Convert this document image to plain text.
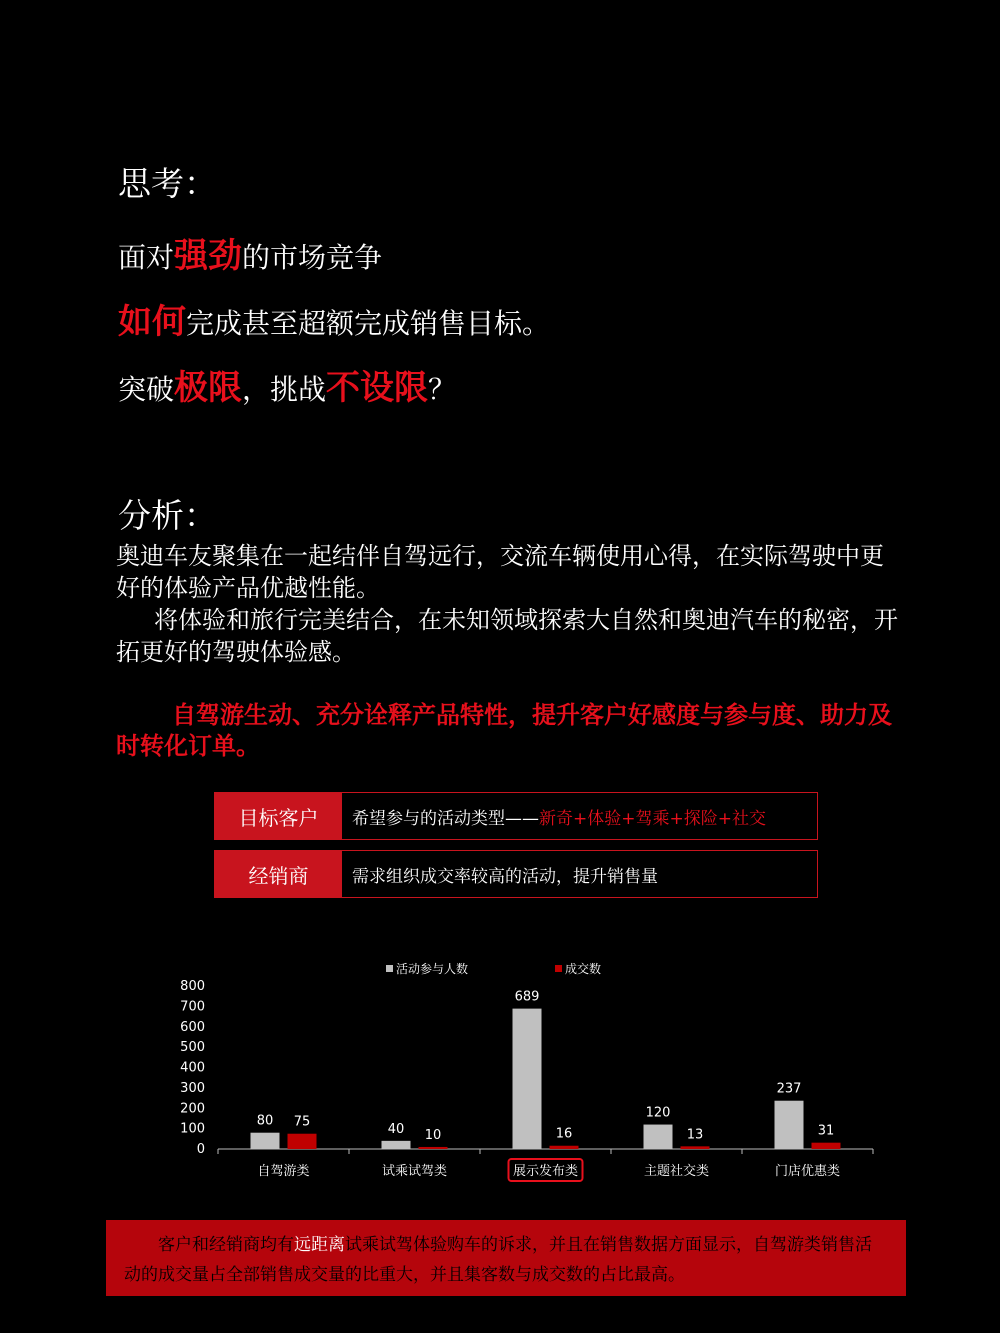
思考：
面对强劲的市场竞争
如何完成甚至超额完成销售目标。
突破极限，挑战不设限？
分析：
奥迪车友聚集在一起结伴自驾远行，交流车辆使用心得，在实际驾驶中更好的体验产品优越性能。
将体验和旅行完美结合，在未知领域探索大自然和奥迪汽车的秘密，开拓更好的驾驶体验感。
自驾游生动、充分诠释产品特性，提升客户好感度与参与度、助力及时转化订单。
目标客户	希望参与的活动类型—— 新奇+体验+驾乘+探险+社交
经销商	需求组织成交率较高的活动，提升销售量
0
100
200
300
400
500
600
700
800
80 75
自驾游类
40 10
试乘试驾类
689
16
展示发布类
120
13
主题社交类
237
31
门店优惠类
活动参与人数	成交数
客户和经销商均有远距离试乘试驾体验购车的诉求，并且在销售数据方面显示，自驾游类销售活动的成交量占全部销售成交量的比重大，并且集客数与成交数的占比最高。
